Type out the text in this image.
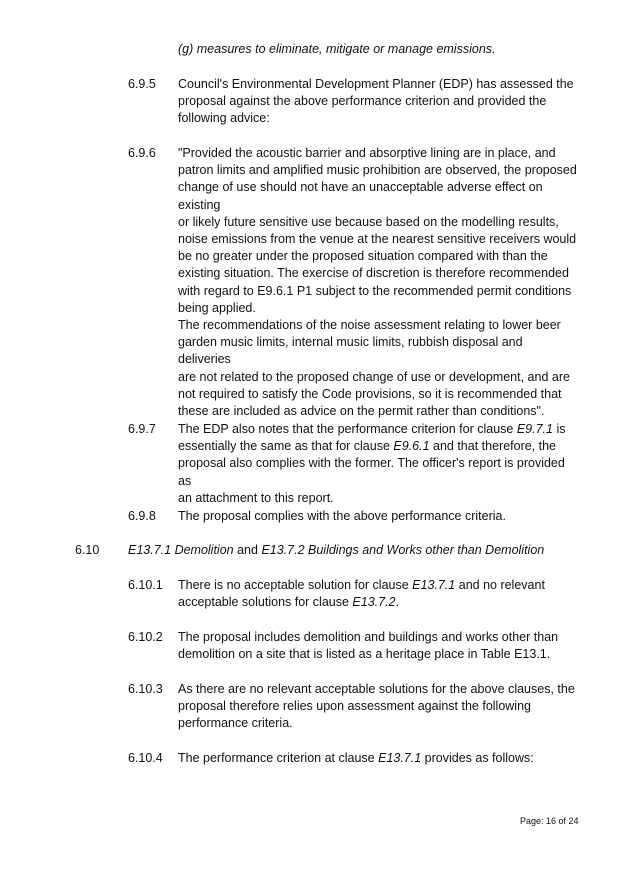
(g) measures to eliminate, mitigate or manage emissions.
6.9.5 Council's Environmental Development Planner (EDP) has assessed the
proposal against the above performance criterion and provided the
following advice:
6.9.6 "Provided the acoustic barrier and absorptive lining are in place, and
patron limits and amplified music prohibition are observed, the proposed
change of use should not have an unacceptable adverse effect on existing
or likely future sensitive use because based on the modelling results,
noise emissions from the venue at the nearest sensitive receivers would
be no greater under the proposed situation compared with than the
existing situation. The exercise of discretion is therefore recommended
with regard to E9.6.1 P1 subject to the recommended permit conditions
being applied.
The recommendations of the noise assessment relating to lower beer
garden music limits, internal music limits, rubbish disposal and deliveries
are not related to the proposed change of use or development, and are
not required to satisfy the Code provisions, so it is recommended that
these are included as advice on the permit rather than conditions".
6.9.7 The EDP also notes that the performance criterion for clause E9.7.1 is
essentially the same as that for clause E9.6.1 and that therefore, the
proposal also complies with the former. The officer's report is provided as
an attachment to this report.
6.9.8 The proposal complies with the above performance criteria.
6.10 E13.7.1 Demolition and E13.7.2 Buildings and Works other than Demolition
6.10.1 There is no acceptable solution for clause E13.7.1 and no relevant
acceptable solutions for clause E13.7.2.
6.10.2 The proposal includes demolition and buildings and works other than
demolition on a site that is listed as a heritage place in Table E13.1.
6.10.3 As there are no relevant acceptable solutions for the above clauses, the
proposal therefore relies upon assessment against the following
performance criteria.
6.10.4 The performance criterion at clause E13.7.1 provides as follows:
Page: 16 of 24
